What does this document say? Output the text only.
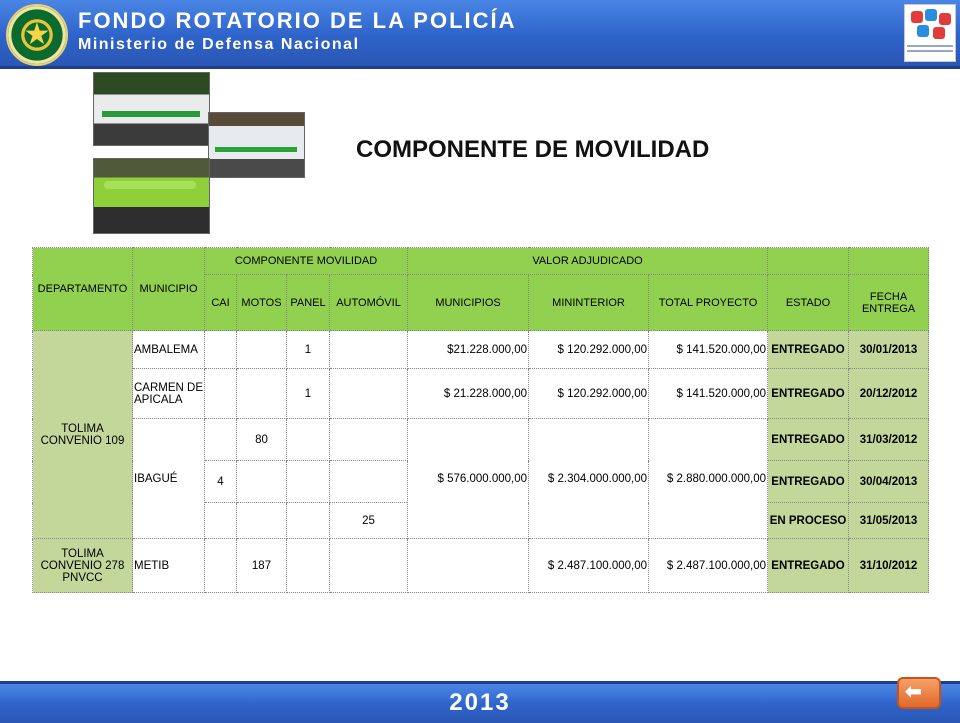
★	FONDO ROTATORIO DE LA POLICÍA
Ministerio de Defensa Nacional
COMPONENTE DE MOVILIDAD
DEPARTAMENTO	MUNICIPIO	COMPONENTE MOVILIDAD				VALOR ADJUDICADO				
		CAI	MOTOS	PANEL	AUTOMÓVIL	MUNICIPIOS	MININTERIOR	TOTAL PROYECTO	ESTADO	FECHA ENTREGA
TOLIMA CONVENIO 109	AMBALEMA			1		$21.228.000,00	$ 120.292.000,00	$ 141.520.000,00	ENTREGADO	30/01/2013
	CARMEN DE APICALA			1		$ 21.228.000,00	$ 120.292.000,00	$ 141.520.000,00	ENTREGADO	20/12/2012
	IBAGUÉ		80			$ 576.000.000,00	$ 2.304.000.000,00	$ 2.880.000.000,00	ENTREGADO	31/03/2012
		4							ENTREGADO	30/04/2013
					25				EN PROCESO	31/05/2013
TOLIMA CONVENIO 278 PNVCC	METIB		187				$ 2.487.100.000,00	$ 2.487.100.000,00	ENTREGADO	31/10/2012
2013	⬅
